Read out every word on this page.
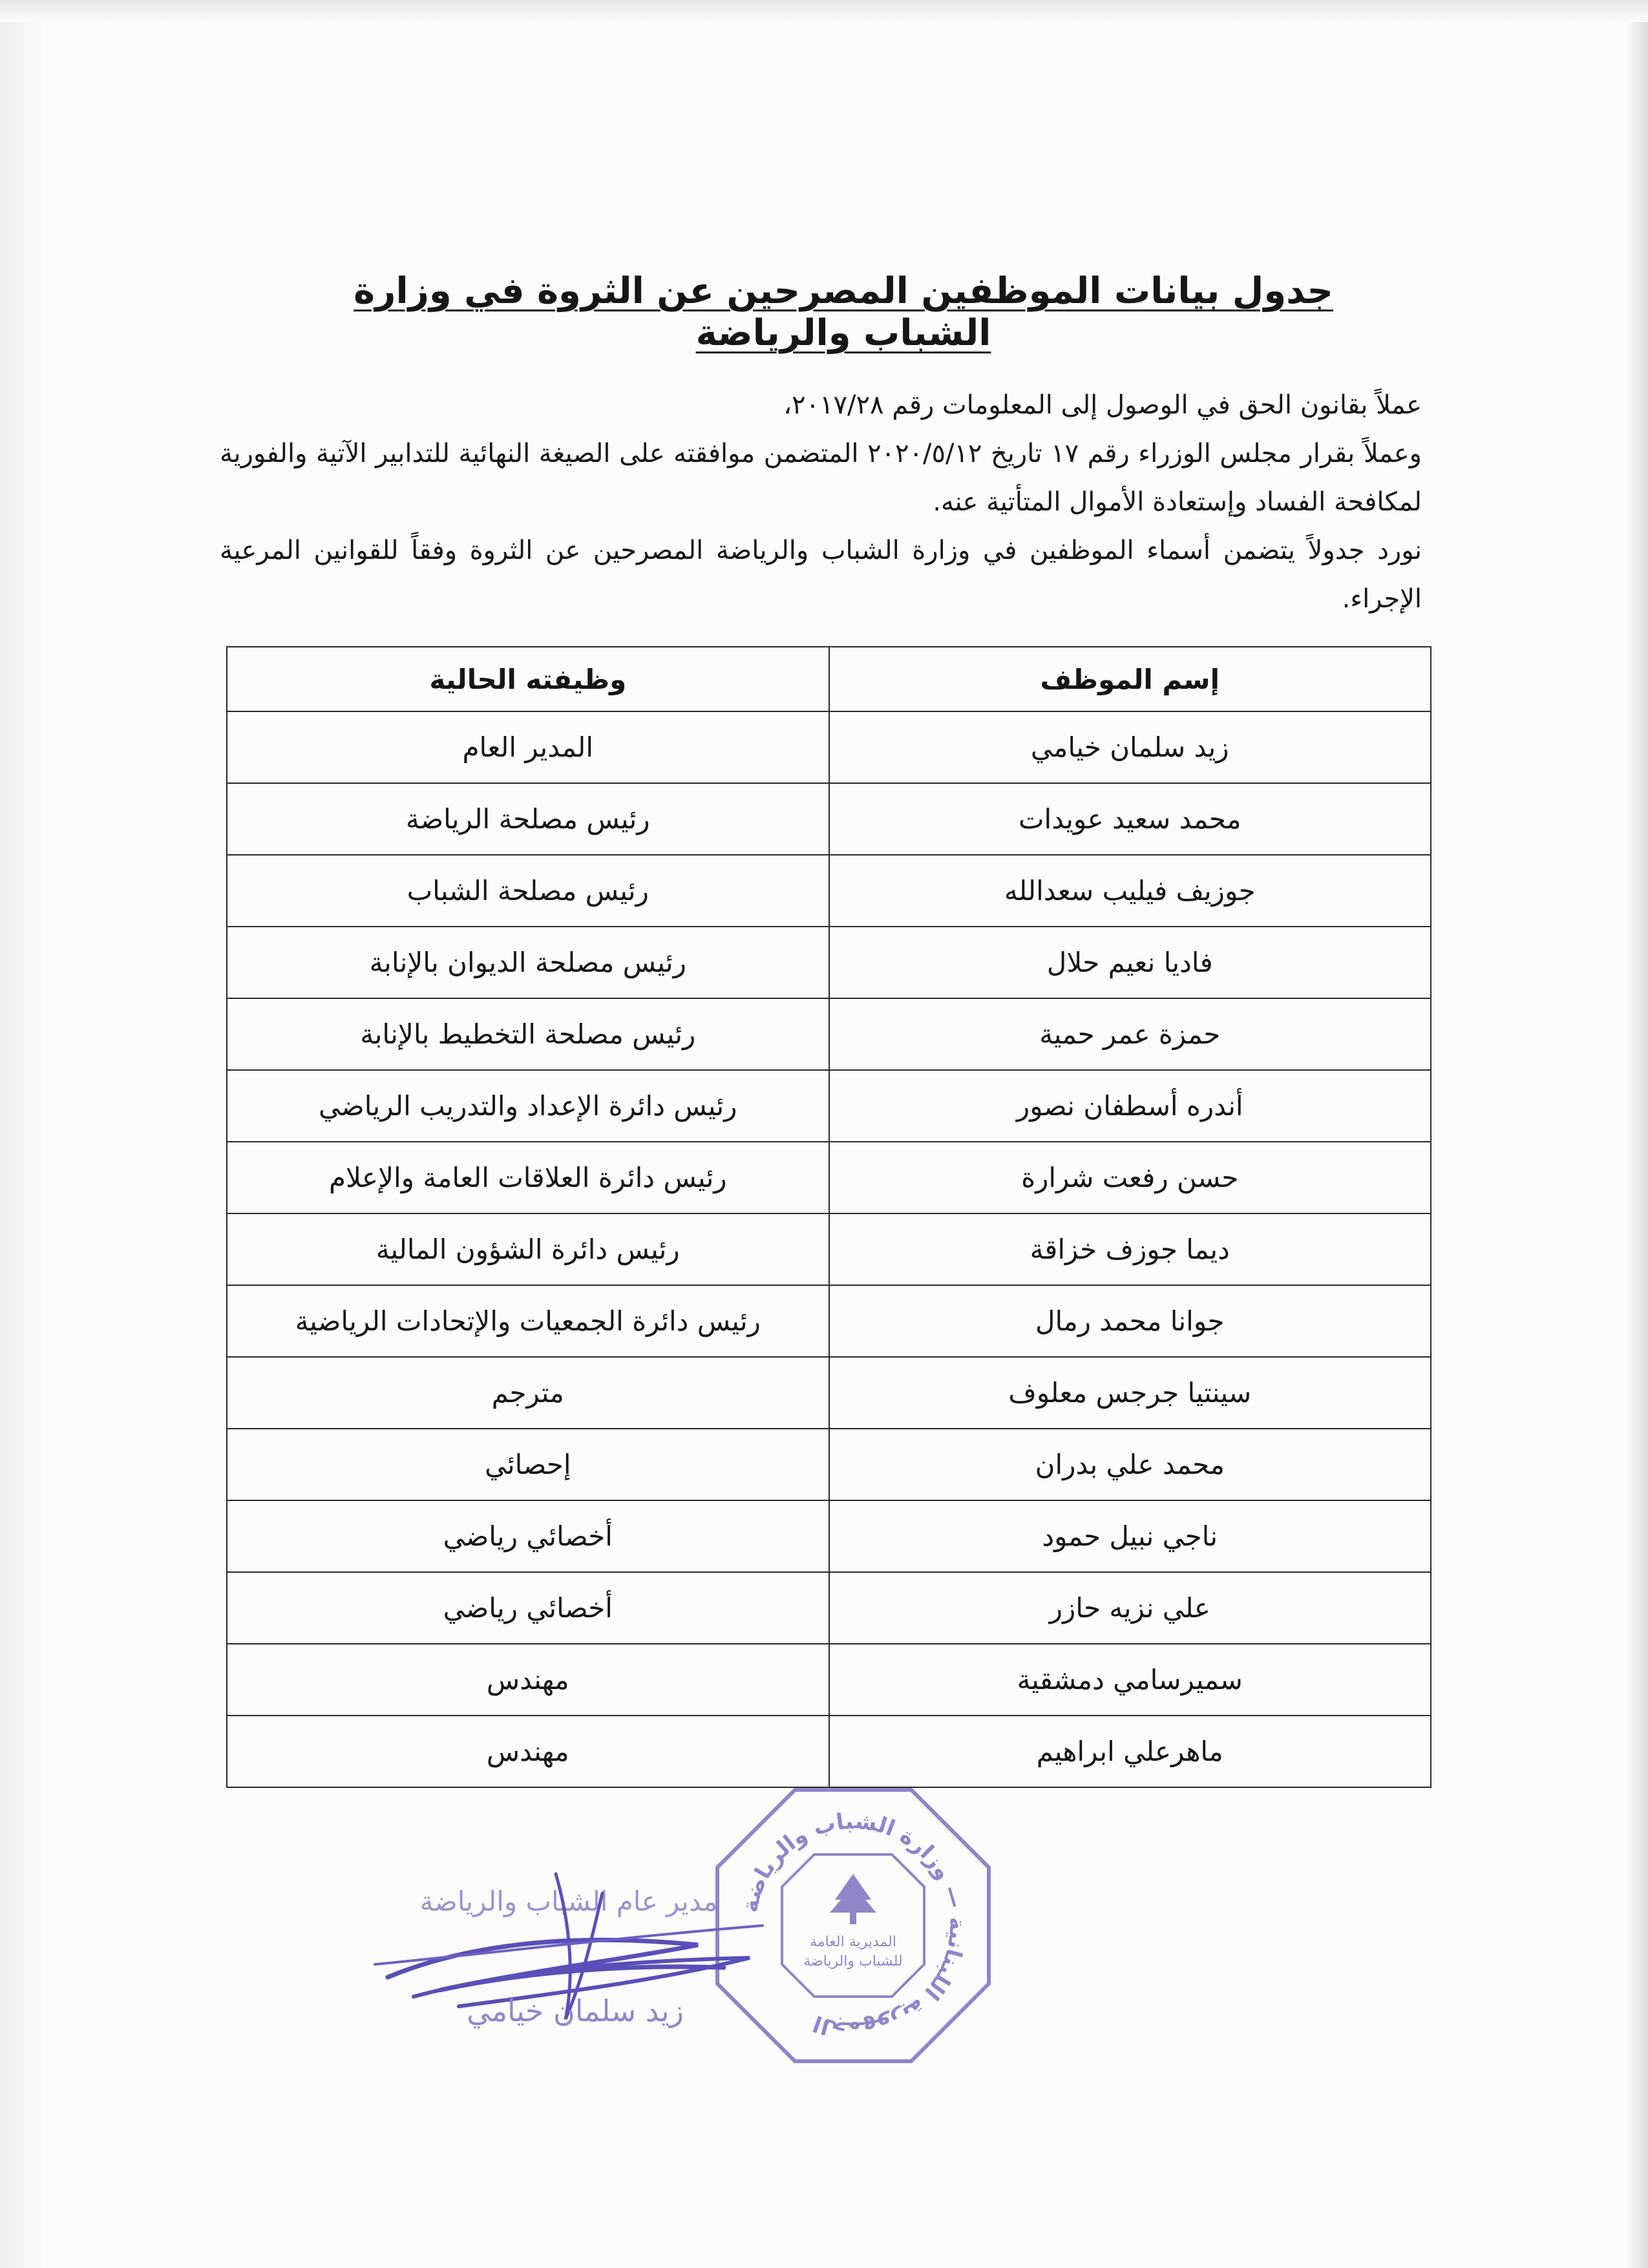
جدول بيانات الموظفين المصرحين عن الثروة في وزارة الشباب والرياضة

عملاً بقانون الحق في الوصول إلى المعلومات رقم ٢٠١٧/٢٨،

وعملاً بقرار مجلس الوزراء رقم ١٧ تاريخ ٢٠٢٠/٥/١٢ المتضمن موافقته على الصيغة النهائية للتدابير الآتية والفورية لمكافحة الفساد وإستعادة الأموال المتأتية عنه.

نورد جدولاً يتضمن أسماء الموظفين في وزارة الشباب والرياضة المصرحين عن الثروة وفقاً للقوانين المرعية الإجراء.

إسم الموظف	وظيفته الحالية
زيد سلمان خيامي	المدير العام
محمد سعيد عويدات	رئيس مصلحة الرياضة
جوزيف فيليب سعدالله	رئيس مصلحة الشباب
فاديا نعيم حلال	رئيس مصلحة الديوان بالإنابة
حمزة عمر حمية	رئيس مصلحة التخطيط بالإنابة
أندره أسطفان نصور	رئيس دائرة الإعداد والتدريب الرياضي
حسن رفعت شرارة	رئيس دائرة العلاقات العامة والإعلام
ديما جوزف خزاقة	رئيس دائرة الشؤون المالية
جوانا محمد رمال	رئيس دائرة الجمعيات والإتحادات الرياضية
سينتيا جرجس معلوف	مترجم
محمد علي بدران	إحصائي
ناجي نبيل حمود	أخصائي رياضي
علي نزيه حازر	أخصائي رياضي
سميرسامي دمشقية	مهندس
ماهرعلي ابراهيم	مهندس
الجمهورية اللبنانية — وزارة الشباب والرياضة
المديرية العامة
للشباب والرياضة
مدير عام الشباب والرياضة
زيد سلمان خيامي
